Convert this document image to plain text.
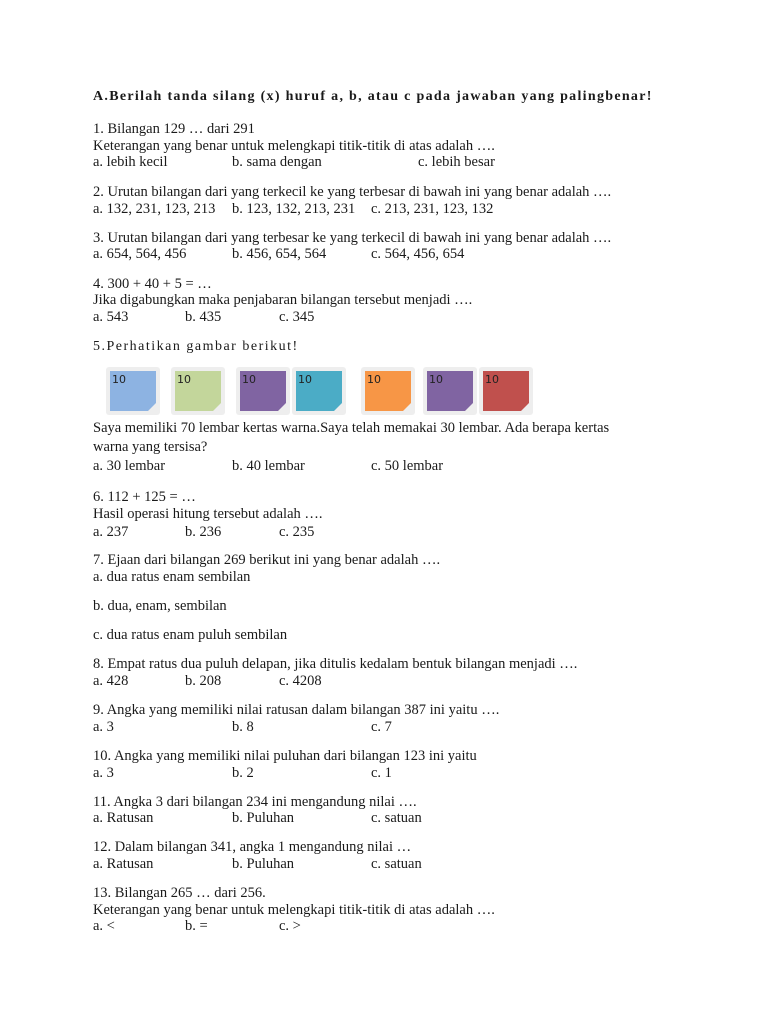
A.Berilah tanda silang (x) huruf a, b, atau c pada jawaban yang palingbenar!
1. Bilangan 129 … dari 291
Keterangan yang benar untuk melengkapi titik-titik di atas adalah ….
a. lebih kecil	b. sama dengan	c. lebih besar
2. Urutan bilangan dari yang terkecil ke yang terbesar di bawah ini yang benar adalah ….
a. 132, 231, 123, 213 b. 123, 132, 213, 231 c. 213, 231, 123, 132
3. Urutan bilangan dari yang terbesar ke yang terkecil di bawah ini yang benar adalah ….
a. 654, 564, 456	b. 456, 654, 564	c. 564, 456, 654
4. 300 + 40 + 5 = …
Jika digabungkan maka penjabaran bilangan tersebut menjadi ….
a. 543	b. 435	c. 345
5.Perhatikan gambar berikut!
10	10	10	10	10	10	10
Saya memiliki 70 lembar kertas warna.Saya telah memakai 30 lembar. Ada berapa kertas
warna yang tersisa?
a. 30 lembar	b. 40 lembar	c. 50 lembar
6. 112 + 125 = …
Hasil operasi hitung tersebut adalah ….
a. 237	b. 236	c. 235
7. Ejaan dari bilangan 269 berikut ini yang benar adalah ….
a. dua ratus enam sembilan
b. dua, enam, sembilan
c. dua ratus enam puluh sembilan
8. Empat ratus dua puluh delapan, jika ditulis kedalam bentuk bilangan menjadi ….
a. 428	b. 208	c. 4208
9. Angka yang memiliki nilai ratusan dalam bilangan 387 ini yaitu ….
a. 3	b. 8	c. 7
10. Angka yang memiliki nilai puluhan dari bilangan 123 ini yaitu
a. 3	b. 2	c. 1
11. Angka 3 dari bilangan 234 ini mengandung nilai ….
a. Ratusan	b. Puluhan	c. satuan
12. Dalam bilangan 341, angka 1 mengandung nilai …
a. Ratusan	b. Puluhan	c. satuan
13. Bilangan 265 … dari 256.
Keterangan yang benar untuk melengkapi titik-titik di atas adalah ….
a. <	b. =	c. >
